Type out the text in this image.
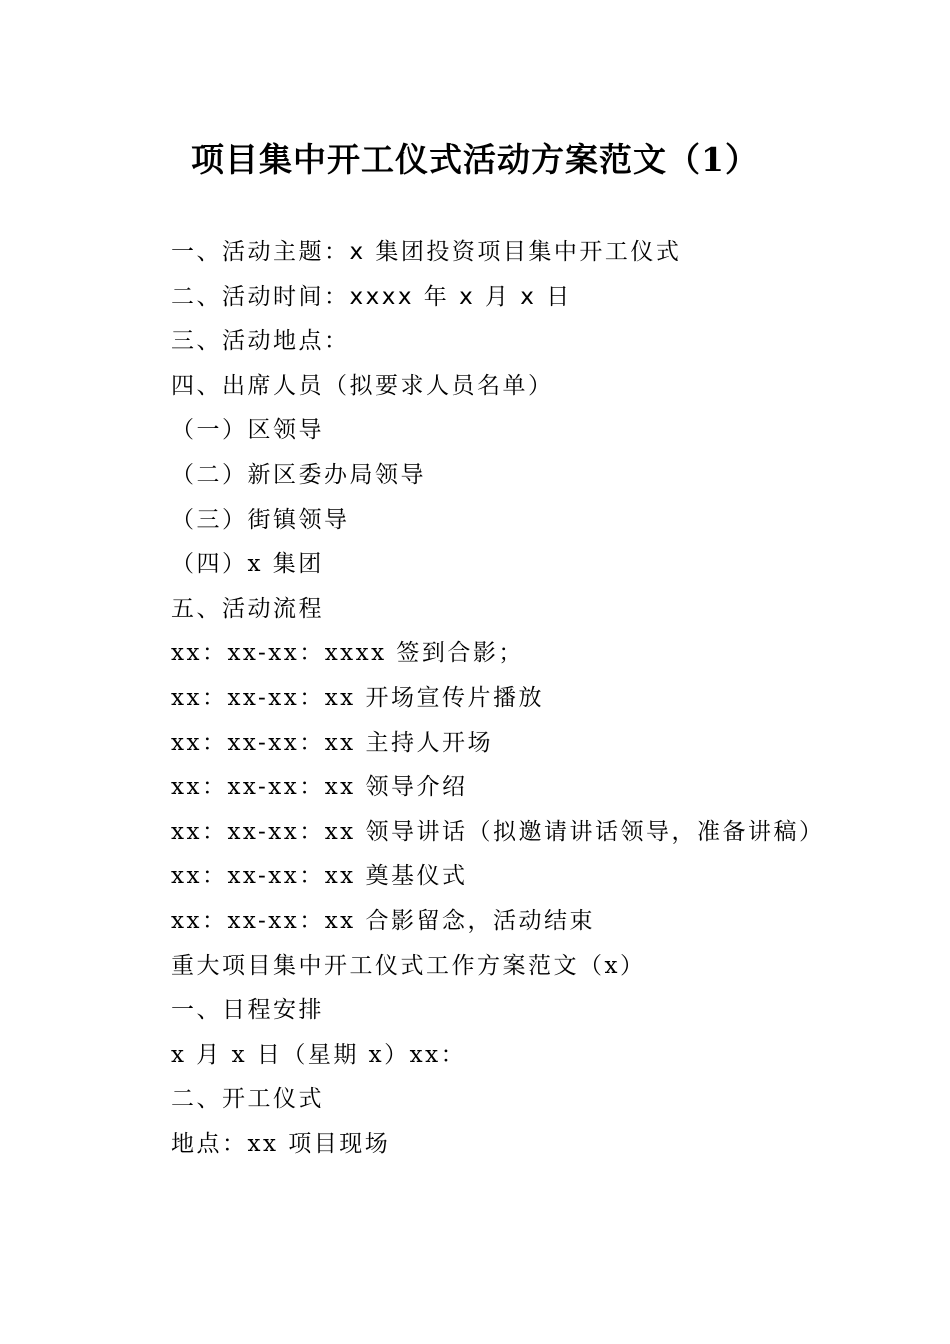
项目集中开工仪式活动方案范文（1）
一、活动主题：x 集团投资项目集中开工仪式
二、活动时间：xxxx 年 x 月 x 日
三、活动地点：
四、出席人员（拟要求人员名单）
（一）区领导
（二）新区委办局领导
（三）街镇领导
（四）x 集团
五、活动流程
xx：xx-xx：xxxx 签到合影；
xx：xx-xx：xx 开场宣传片播放
xx：xx-xx：xx 主持人开场
xx：xx-xx：xx 领导介绍
xx：xx-xx：xx 领导讲话（拟邀请讲话领导，准备讲稿）
xx：xx-xx：xx 奠基仪式
xx：xx-xx：xx 合影留念，活动结束
重大项目集中开工仪式工作方案范文（x）
一、日程安排
x 月 x 日（星期 x）xx：
二、开工仪式
地点：xx 项目现场
